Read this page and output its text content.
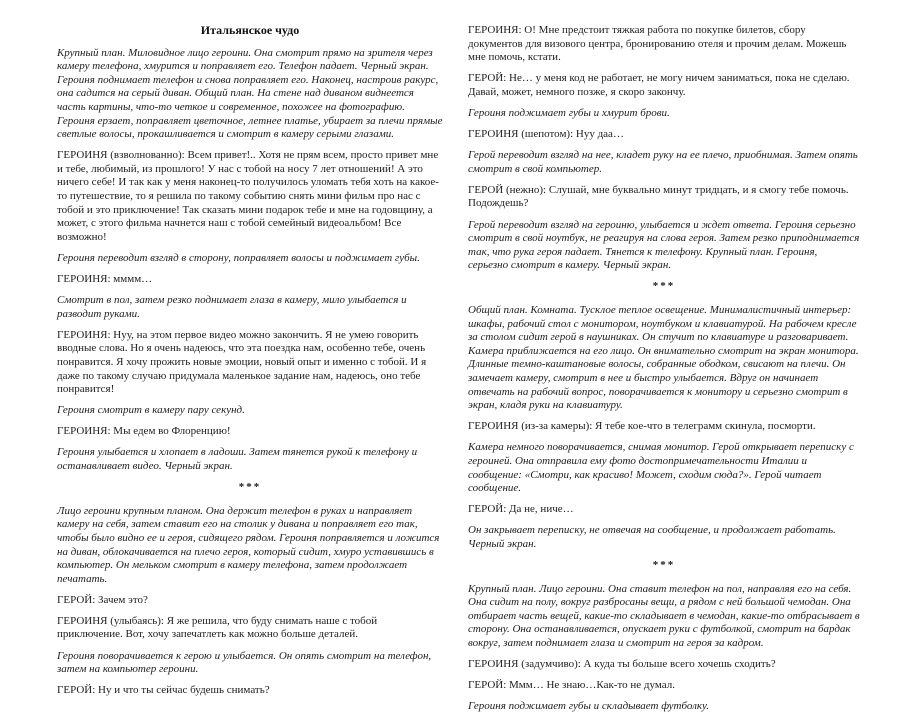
Итальянское чудо

Крупный план. Миловидное лицо героини. Она смотрит прямо на зрителя через камеру телефона, хмурится и поправляет его. Телефон падает. Черный экран. Героиня поднимает телефон и снова поправляет его. Наконец, настроив ракурс, она садится на серый диван. Общий план. На стене над диваном виднеется часть картины, что-то четкое и современное, похожее на фотографию. Героиня ерзает, поправляет цветочное, летнее платье, убирает за плечи прямые светлые волосы, прокашливается и смотрит в камеру серыми глазами.

ГЕРОИНЯ (взволнованно): Всем привет!.. Хотя не прям всем, просто привет мне и тебе, любимый, из прошлого! У нас с тобой на носу 7 лет отношений! А это ничего себе! И так как у меня наконец-то получилось уломать тебя хоть на какое-то путешествие, то я решила по такому событию снять мини фильм про нас с тобой и это приключение! Так сказать мини подарок тебе и мне на годовщину, а может, с этого фильма начнется наш с тобой семейный видеоальбом! Все возможно!

Героиня переводит взгляд в сторону, поправляет волосы и поджимает губы.

ГЕРОИНЯ: мммм…

Смотрит в пол, затем резко поднимает глаза в камеру, мило улыбается и разводит руками.

ГЕРОИНЯ: Нуу, на этом первое видео можно закончить. Я не умею говорить вводные слова. Но я очень надеюсь, что эта поездка нам, особенно тебе, очень понравится. Я хочу прожить новые эмоции, новый опыт и именно с тобой. И я даже по такому случаю придумала маленькое задание нам, надеюсь, оно тебе понравится!

Героиня смотрит в камеру пару секунд.

ГЕРОИНЯ: Мы едем во Флоренцию!

Героиня улыбается и хлопает в ладоши. Затем тянется рукой к телефону и останавливает видео. Черный экран.

***

Лицо героини крупным планом. Она держит телефон в руках и направляет камеру на себя, затем ставит его на столик у дивана и поправляет его так, чтобы было видно ее и героя, сидящего рядом. Героиня поправляется и ложится на диван, облокачивается на плечо героя, который сидит, хмуро уставившись в компьютер. Он мельком смотрит в камеру телефона, затем продолжает печатать.

ГЕРОЙ: Зачем это?

ГЕРОИНЯ (улыбаясь): Я же решила, что буду снимать наше с тобой приключение. Вот, хочу запечатлеть как можно больше деталей.

Героиня поворачивается к герою и улыбается. Он опять смотрит на телефон, затем на компьютер героини.

ГЕРОЙ: Ну и что ты сейчас будешь снимать?

ГЕРОИНЯ: О! Мне предстоит тяжкая работа по покупке билетов, сбору документов для визового центра, бронированию отеля и прочим делам. Можешь мне помочь, кстати.

ГЕРОЙ: Не… у меня код не работает, не могу ничем заниматься, пока не сделаю. Давай, может, немного позже, я скоро закончу.

Героиня поджимает губы и хмурит брови.

ГЕРОИНЯ (шепотом): Нуу даа…

Герой переводит взгляд на нее, кладет руку на ее плечо, приобнимая. Затем опять смотрит в свой компьютер.

ГЕРОЙ (нежно): Слушай, мне буквально минут тридцать, и я смогу тебе помочь. Подождешь?

Герой переводит взгляд на героиню, улыбается и ждет ответа. Героиня серьезно смотрит в свой ноутбук, не реагируя на слова героя. Затем резко приподнимается так, что рука героя падает. Тянется к телефону. Крупный план. Героиня, серьезно смотрит в камеру. Черный экран.

***

Общий план. Комната. Тусклое теплое освещение. Минималистичный интерьер: шкафы, рабочий стол с монитором, ноутбуком и клавиатурой. На рабочем кресле за столом сидит герой в наушниках. Он стучит по клавиатуре и разговаривает. Камера приближается на его лицо. Он внимательно смотрит на экран монитора. Длинные темно-каштановые волосы, собранные ободком, свисают на плечи. Он замечает камеру, смотрит в нее и быстро улыбается. Вдруг он начинает отвечать на рабочий вопрос, поворачивается к монитору и серьезно смотрит в экран, кладя руки на клавиатуру.

ГЕРОИНЯ (из-за камеры): Я тебе кое-что в телеграмм скинула, посморти.

Камера немного поворачивается, снимая монитор. Герой открывает переписку с героиней. Она отправила ему фото достопримечательности Италии и сообщение: «Смотри, как красиво! Может, сходим сюда?». Герой читает сообщение.

ГЕРОЙ: Да не, ниче…

Он закрывает переписку, не отвечая на сообщение, и продолжает работать. Черный экран.

***

Крупный план. Лицо героини. Она ставит телефон на пол, направляя его на себя. Она сидит на полу, вокруг разбросаны вещи, а рядом с ней большой чемодан. Она отбирает часть вещей, какие-то складывает в чемодан, какие-то отбрасывает в сторону. Она останавливается, опускает руки с футболкой, смотрит на бардак вокруг, затем поднимает глаза и смотрит на героя за кадром.

ГЕРОИНЯ (задумчиво): А куда ты больше всего хочешь сходить?

ГЕРОЙ: Ммм… Не знаю…Как-то не думал.

Героиня поджимает губы и складывает футболку.
